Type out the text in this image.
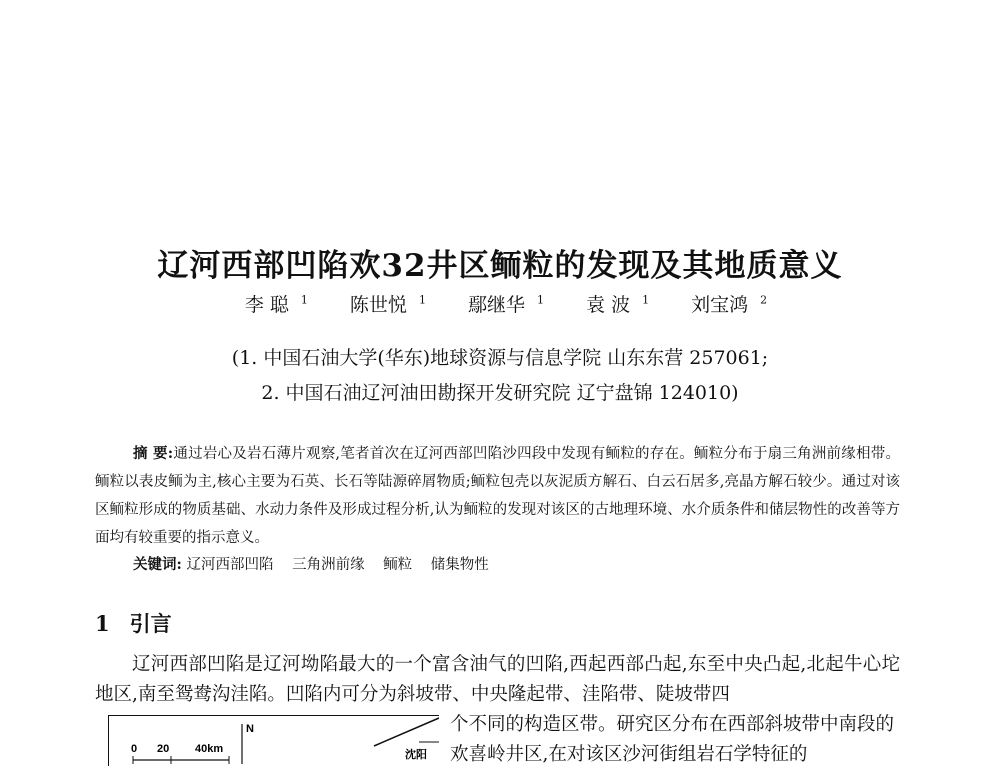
辽河西部凹陷欢32井区鲕粒的发现及其地质意义
李 聪 $^1$ 陈世悦 $^1$ 鄢继华 $^1$ 袁 波 $^1$ 刘宝鸿 $^2$
(1. 中国石油大学(华东)地球资源与信息学院 山东东营 257061;
2. 中国石油辽河油田勘探开发研究院 辽宁盘锦 124010)
摘 要:通过岩心及岩石薄片观察,笔者首次在辽河西部凹陷沙四段中发现有鲕粒的存在。鲕粒分布于扇三角洲前缘相带。鲕粒以表皮鲕为主,核心主要为石英、长石等陆源碎屑物质;鲕粒包壳以灰泥质方解石、白云石居多,亮晶方解石较少。通过对该区鲕粒形成的物质基础、水动力条件及形成过程分析,认为鲕粒的发现对该区的古地理环境、水介质条件和储层物性的改善等方面均有较重要的指示意义。
关键词: 辽河西部凹陷 三角洲前缘 鲕粒 储集物性
1 引言
辽河西部凹陷是辽河坳陷最大的一个富含油气的凹陷,西起西部凸起,东至中央凸起,北起牛心坨地区,南至鸳鸯沟洼陷。凹陷内可分为斜坡带、中央隆起带、洼陷带、陡坡带四
个不同的构造区带。研究区分布在西部斜坡带中南段的欢喜岭井区,在对该区沙河街组岩石学特征的
0 20 40km
N
沈阳
